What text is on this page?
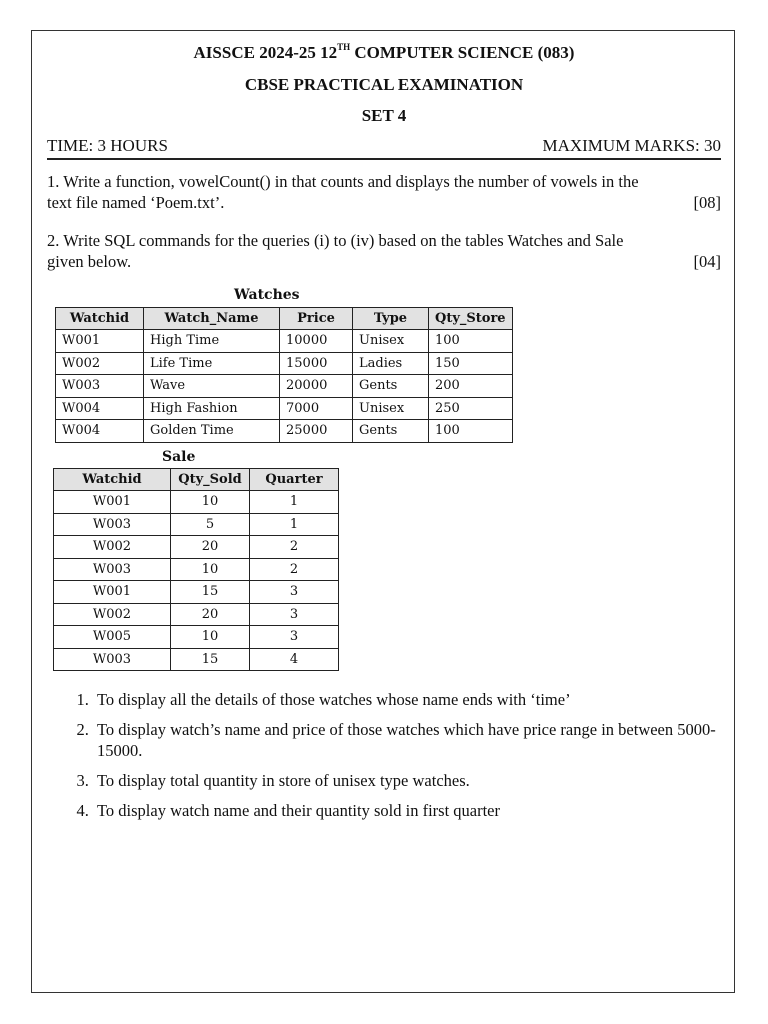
AISSCE 2024-25 12TH COMPUTER SCIENCE (083)
CBSE PRACTICAL EXAMINATION
SET 4
TIME: 3 HOURS	MAXIMUM MARKS: 30
1. Write a function, vowelCount() in that counts and displays the number of vowels in the
text file named ‘Poem.txt’.	[08]
2. Write SQL commands for the queries (i) to (iv) based on the tables Watches and Sale
given below.	[04]
Watches
Watchid	Watch_Name	Price	Type	Qty_Store
W001	High Time	10000	Unisex	100
W002	Life Time	15000	Ladies	150
W003	Wave	20000	Gents	200
W004	High Fashion	7000	Unisex	250
W004	Golden Time	25000	Gents	100
Sale
Watchid	Qty_Sold	Quarter
W001	10	1
W003	5	1
W002	20	2
W003	10	2
W001	15	3
W002	20	3
W005	10	3
W003	15	4
1. To display all the details of those watches whose name ends with ‘time’
2. To display watch’s name and price of those watches which have price range in between 5000-15000.
3. To display total quantity in store of unisex type watches.
4. To display watch name and their quantity sold in first quarter
